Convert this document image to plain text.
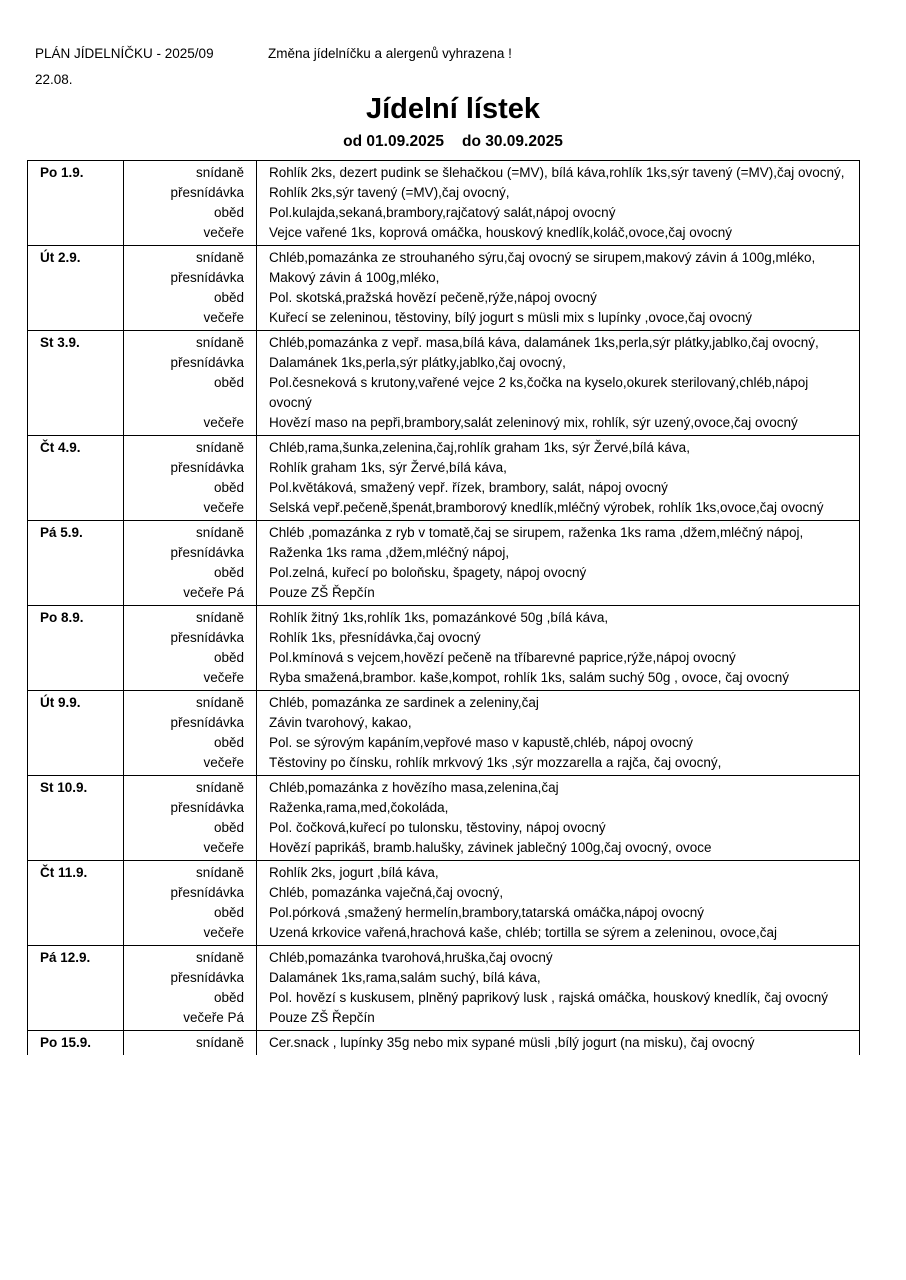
PLÁN JÍDELNÍČKU - 2025/09	Změna jídelníčku a alergenů vyhrazena !
22.08.
Jídelní lístek
od 01.09.2025 do 30.09.2025
Po 1.9.	snídaně	Rohlík 2ks, dezert pudink se šlehačkou (=MV), bílá káva,rohlík 1ks,sýr tavený (=MV),čaj ovocný,
	přesnídávka	Rohlík 2ks,sýr tavený (=MV),čaj ovocný,
	oběd	Pol.kulajda,sekaná,brambory,rajčatový salát,nápoj ovocný
	večeře	Vejce vařené 1ks, koprová omáčka, houskový knedlík,koláč,ovoce,čaj ovocný
Út 2.9.	snídaně	Chléb,pomazánka ze strouhaného sýru,čaj ovocný se sirupem,makový závin á 100g,mléko,
	přesnídávka	Makový závin á 100g,mléko,
	oběd	Pol. skotská,pražská hovězí pečeně,rýže,nápoj ovocný
	večeře	Kuřecí se zeleninou, těstoviny, bílý jogurt s müsli mix s lupínky ,ovoce,čaj ovocný
St 3.9.	snídaně	Chléb,pomazánka z vepř. masa,bílá káva, dalamánek 1ks,perla,sýr plátky,jablko,čaj ovocný,
	přesnídávka	Dalamánek 1ks,perla,sýr plátky,jablko,čaj ovocný,
	oběd	Pol.česneková s krutony,vařené vejce 2 ks,čočka na kyselo,okurek sterilovaný,chléb,nápoj ovocný
	večeře	Hovězí maso na pepři,brambory,salát zeleninový mix, rohlík, sýr uzený,ovoce,čaj ovocný
Čt 4.9.	snídaně	Chléb,rama,šunka,zelenina,čaj,rohlík graham 1ks, sýr Žervé,bílá káva,
	přesnídávka	Rohlík graham 1ks, sýr Žervé,bílá káva,
	oběd	Pol.květáková, smažený vepř. řízek, brambory, salát, nápoj ovocný
	večeře	Selská vepř.pečeně,špenát,bramborový knedlík,mléčný výrobek, rohlík 1ks,ovoce,čaj ovocný
Pá 5.9.	snídaně	Chléb ,pomazánka z ryb v tomatě,čaj se sirupem, raženka 1ks rama ,džem,mléčný nápoj,
	přesnídávka	Raženka 1ks rama ,džem,mléčný nápoj,
	oběd	Pol.zelná, kuřecí po boloňsku, špagety, nápoj ovocný
	večeře Pá	Pouze ZŠ Řepčín
Po 8.9.	snídaně	Rohlík žitný 1ks,rohlík 1ks, pomazánkové 50g ,bílá káva,
	přesnídávka	Rohlík 1ks, přesnídávka,čaj ovocný
	oběd	Pol.kmínová s vejcem,hovězí pečeně na tříbarevné paprice,rýže,nápoj ovocný
	večeře	Ryba smažená,brambor. kaše,kompot, rohlík 1ks, salám suchý 50g , ovoce, čaj ovocný
Út 9.9.	snídaně	Chléb, pomazánka ze sardinek a zeleniny,čaj
	přesnídávka	Závin tvarohový, kakao,
	oběd	Pol. se sýrovým kapáním,vepřové maso v kapustě,chléb, nápoj ovocný
	večeře	Těstoviny po čínsku, rohlík mrkvový 1ks ,sýr mozzarella a rajča, čaj ovocný,
St 10.9.	snídaně	Chléb,pomazánka z hovězího masa,zelenina,čaj
	přesnídávka	Raženka,rama,med,čokoláda,
	oběd	Pol. čočková,kuřecí po tulonsku, těstoviny, nápoj ovocný
	večeře	Hovězí paprikáš, bramb.halušky, závinek jablečný 100g,čaj ovocný, ovoce
Čt 11.9.	snídaně	Rohlík 2ks, jogurt ,bílá káva,
	přesnídávka	Chléb, pomazánka vaječná,čaj ovocný,
	oběd	Pol.pórková ,smažený hermelín,brambory,tatarská omáčka,nápoj ovocný
	večeře	Uzená krkovice vařená,hrachová kaše, chléb; tortilla se sýrem a zeleninou, ovoce,čaj
Pá 12.9.	snídaně	Chléb,pomazánka tvarohová,hruška,čaj ovocný
	přesnídávka	Dalamánek 1ks,rama,salám suchý, bílá káva,
	oběd	Pol. hovězí s kuskusem, plněný paprikový lusk , rajská omáčka, houskový knedlík, čaj ovocný
	večeře Pá	Pouze ZŠ Řepčín
Po 15.9.	snídaně	Cer.snack , lupínky 35g nebo mix sypané müsli ,bílý jogurt (na misku), čaj ovocný
